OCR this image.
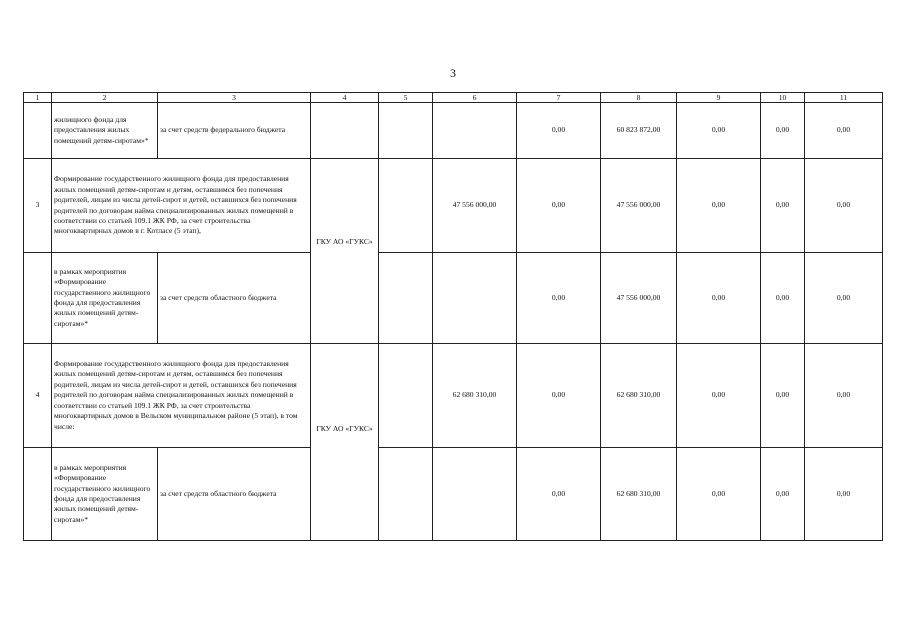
3
1	2	3	4	5	6	7	8	9	10	11
	жилищного фонда для предоставления жилых помещений детям-сиротам»*	за счет средств федерального бюджета				0,00	60 823 872,00	0,00	0,00	0,00
3	Формирование государственного жилищного фонда для предоставления жилых помещений детям-сиротам и детям, оставшимся без попечения родителей, лицам из числа детей-сирот и детей, оставшихся без попечения родителей по договорам найма специализированных жилых помещений в соответствии со статьей 109.1 ЖК РФ, за счет строительства многоквартирных домов в г. Котласе (5 этап),		ГКУ АО «ГУКС»		47 556 000,00	0,00	47 556 000,00	0,00	0,00	0,00
	в рамках мероприятия «Формирование государственного жилищного фонда для предоставления жилых помещений детям-сиротам»*	за счет средств областного бюджета				0,00	47 556 000,00	0,00	0,00	0,00
4	Формирование государственного жилищного фонда для предоставления жилых помещений детям-сиротам и детям, оставшимся без попечения родителей, лицам из числа детей-сирот и детей, оставшихся без попечения родителей по договорам найма специализированных жилых помещений в соответствии со статьей 109.1 ЖК РФ, за счет строительства многоквартирных домов в Вельском муниципальном районе (5 этап), в том числе:		ГКУ АО «ГУКС»		62 680 310,00	0,00	62 680 310,00	0,00	0,00	0,00
	в рамках мероприятия «Формирование государственного жилищного фонда для предоставления жилых помещений детям-сиротам»*	за счет средств областного бюджета				0,00	62 680 310,00	0,00	0,00	0,00
